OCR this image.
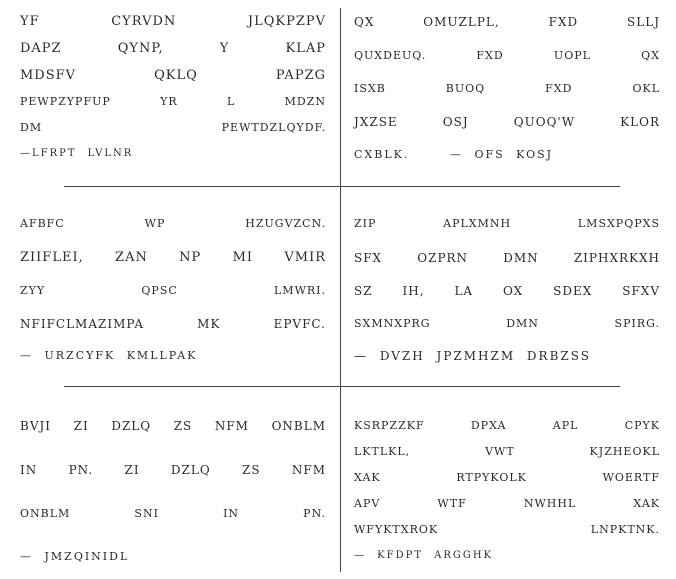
YF CYRVDN JLQKPZPV
DAPZ QYNP, Y KLAP
MDSFV QKLQ PAPZG
PEWPZYPFUP YR L MDZN
DM PEWTDZLQYDF.
—LFRPT LVLNR
QX OMUZLPL, FXD SLLJ
QUXDEUQ. FXD UOPL QX
ISXB BUOQ FXD OKL
JXZSE OSJ QUOQ'W KLOR
CXBLK.	— OFS KOSJ
AFBFC WP HZUGVZCN.
ZIIFLEI, ZAN NP MI VMIR
ZYY QPSC LMWRI.
NFIFCLMAZIMPA MK EPVFC.
— URZCYFK KMLLPAK
ZIP APLXMNH LMSXPQPXS
SFX OZPRN DMN ZIPHXRKXH
SZ IH, LA OX SDEX SFXV
SXMNXPRG DMN SPIRG.
— DVZH JPZMHZM DRBZSS
BVJI ZI DZLQ ZS NFM ONBLM
IN PN. ZI DZLQ ZS NFM
ONBLM SNI IN PN.
— JMZQINIDL
KSRPZZKF DPXA APL CPYK
LKTLKL, VWT KJZHEOKL
XAK RTPYKOLK WOERTF
APV WTF NWHHL XAK
WFYKTXROK LNPKTNK.
— KFDPT ARGGHK
